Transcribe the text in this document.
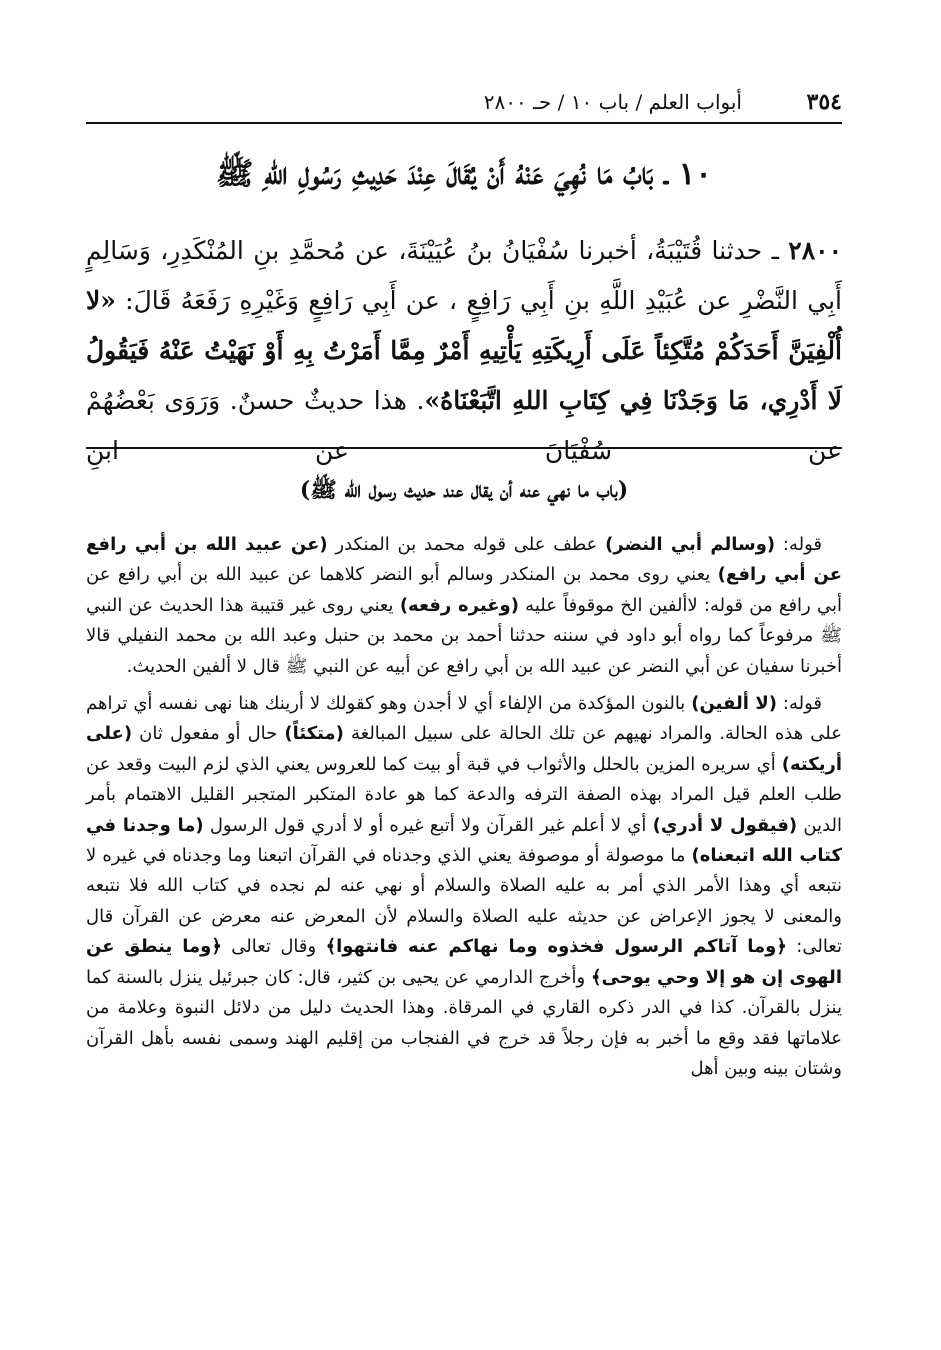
٣٥٤
أبواب العلم / باب ١٠ / حـ ٢٨٠٠
١٠ ـ بَابُ مَا نُهِيَ عَنْهُ أَنْ يُقَالَ عِنْدَ حَدِيثِ رَسُولِ اللهِ ﷺ

٢٨٠٠ ـ حدثنا قُتَيْبَةُ، أخبرنا سُفْيَانُ بنُ عُيَيْنَةَ، عن مُحمَّدِ بنِ المُنْكَدِرِ، وَسَالِمٍ أَبِي النَّضْرِ عن عُبَيْدِ اللَّهِ بنِ أَبِي رَافِعٍ ، عن أَبِي رَافِعٍ وَغَيْرِهِ رَفَعَهُ قَالَ: «لا أُلْفِيَنَّ أَحَدَكُمْ مُتَّكِئاً عَلَى أَرِيكَتِهِ يَأْتِيهِ أَمْرٌ مِمَّا أَمَرْتُ بِهِ أَوْ نَهَيْتُ عَنْهُ فَيَقُولُ لَا أَدْرِي، مَا وَجَدْنَا فِي كِتَابِ اللهِ اتَّبَعْنَاهُ». هذا حديثٌ حسنٌ. وَرَوَى بَعْضُهُمْ عن سُفْيَانَ عن ابنِ

(باب ما نهي عنه أن يقال عند حديث رسول الله ﷺ)

قوله: (وسالم أبي النضر) عطف على قوله محمد بن المنكدر (عن عبيد الله بن أبي رافع عن أبي رافع) يعني روى محمد بن المنكدر وسالم أبو النضر كلاهما عن عبيد الله بن أبي رافع عن أبي رافع من قوله: لاألفين الخ موقوفاً عليه (وغيره رفعه) يعني روى غير قتيبة هذا الحديث عن النبي ﷺ مرفوعاً كما رواه أبو داود في سننه حدثنا أحمد بن محمد بن حنبل وعبد الله بن محمد النفيلي قالا أخبرنا سفيان عن أبي النضر عن عبيد الله بن أبي رافع عن أبيه عن النبي ﷺ قال لا ألفين الحديث.

قوله: (لا ألفين) بالنون المؤكدة من الإلفاء أي لا أجدن وهو كقولك لا أرينك هنا نهى نفسه أي تراهم على هذه الحالة. والمراد نهيهم عن تلك الحالة على سبيل المبالغة (متكئاً) حال أو مفعول ثان (على أريكته) أي سريره المزين بالحلل والأثواب في قبة أو بيت كما للعروس يعني الذي لزم البيت وقعد عن طلب العلم قيل المراد بهذه الصفة الترفه والدعة كما هو عادة المتكبر المتجبر القليل الاهتمام بأمر الدين (فيقول لا أدري) أي لا أعلم غير القرآن ولا أتبع غيره أو لا أدري قول الرسول (ما وجدنا في كتاب الله اتبعناه) ما موصولة أو موصوفة يعني الذي وجدناه في القرآن اتبعنا وما وجدناه في غيره لا نتبعه أي وهذا الأمر الذي أمر به عليه الصلاة والسلام أو نهي عنه لم نجده في كتاب الله فلا نتبعه والمعنى لا يجوز الإعراض عن حديثه عليه الصلاة والسلام لأن المعرض عنه معرض عن القرآن قال تعالى: ﴿وما آتاكم الرسول فخذوه وما نهاكم عنه فانتهوا﴾ وقال تعالى ﴿وما ينطق عن الهوى إن هو إلا وحي يوحى﴾ وأخرج الدارمي عن يحيى بن كثير، قال: كان جبرئيل ينزل بالسنة كما ينزل بالقرآن. كذا في الدر ذكره القاري في المرقاة. وهذا الحديث دليل من دلائل النبوة وعلامة من علاماتها فقد وقع ما أخبر به فإن رجلاً قد خرج في الفنجاب من إقليم الهند وسمى نفسه بأهل القرآن وشتان بينه وبين أهل
